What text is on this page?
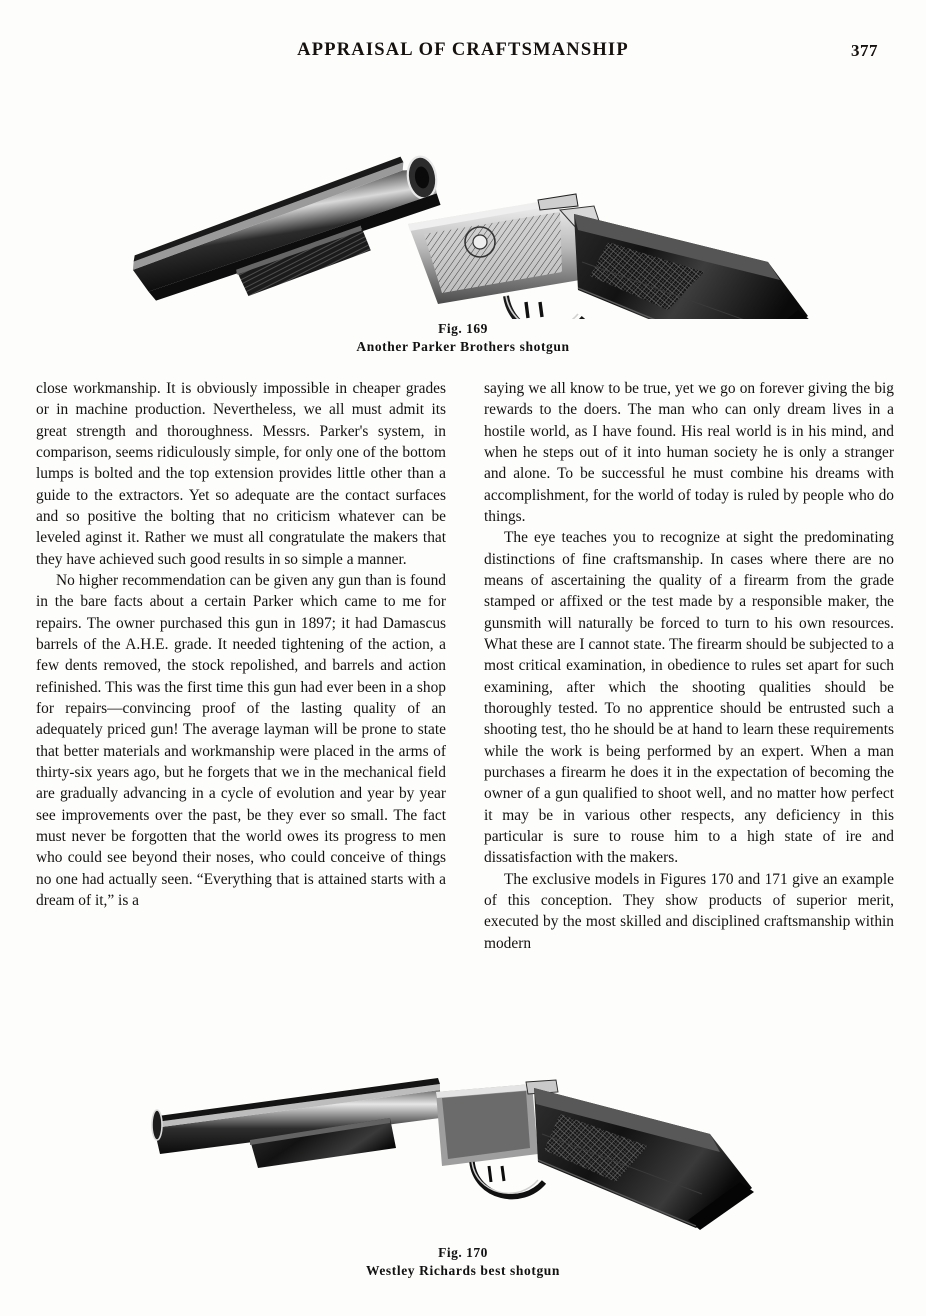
APPRAISAL OF CRAFTSMANSHIP	377
Fig. 169
Another Parker Brothers shotgun

close workmanship. It is obviously impossible in cheaper grades or in machine production. Nevertheless, we all must admit its great strength and thoroughness. Messrs. Parker's system, in comparison, seems ridiculously simple, for only one of the bottom lumps is bolted and the top extension provides little other than a guide to the extractors. Yet so adequate are the contact surfaces and so positive the bolting that no criticism whatever can be leveled aginst it. Rather we must all congratulate the makers that they have achieved such good results in so simple a manner.

No higher recommendation can be given any gun than is found in the bare facts about a certain Parker which came to me for repairs. The owner purchased this gun in 1897; it had Damascus barrels of the A.H.E. grade. It needed tightening of the action, a few dents removed, the stock repolished, and barrels and action refinished. This was the first time this gun had ever been in a shop for repairs—convincing proof of the lasting quality of an adequately priced gun! The average layman will be prone to state that better materials and workmanship were placed in the arms of thirty-six years ago, but he forgets that we in the mechanical field are gradually advancing in a cycle of evolution and year by year see improvements over the past, be they ever so small. The fact must never be forgotten that the world owes its progress to men who could see beyond their noses, who could conceive of things no one had actually seen. “Everything that is attained starts with a dream of it,” is a

saying we all know to be true, yet we go on forever giving the big rewards to the doers. The man who can only dream lives in a hostile world, as I have found. His real world is in his mind, and when he steps out of it into human society he is only a stranger and alone. To be successful he must combine his dreams with accomplishment, for the world of today is ruled by people who do things.

The eye teaches you to recognize at sight the predominating distinctions of fine craftsmanship. In cases where there are no means of ascertaining the quality of a firearm from the grade stamped or affixed or the test made by a responsible maker, the gunsmith will naturally be forced to turn to his own resources. What these are I cannot state. The firearm should be subjected to a most critical examination, in obedience to rules set apart for such examining, after which the shooting qualities should be thoroughly tested. To no apprentice should be entrusted such a shooting test, tho he should be at hand to learn these requirements while the work is being performed by an expert. When a man purchases a firearm he does it in the expectation of becoming the owner of a gun qualified to shoot well, and no matter how perfect it may be in various other respects, any deficiency in this particular is sure to rouse him to a high state of ire and dissatisfaction with the makers.

The exclusive models in Figures 170 and 171 give an example of this conception. They show products of superior merit, executed by the most skilled and disciplined craftsmanship within modern

Fig. 170
Westley Richards best shotgun
